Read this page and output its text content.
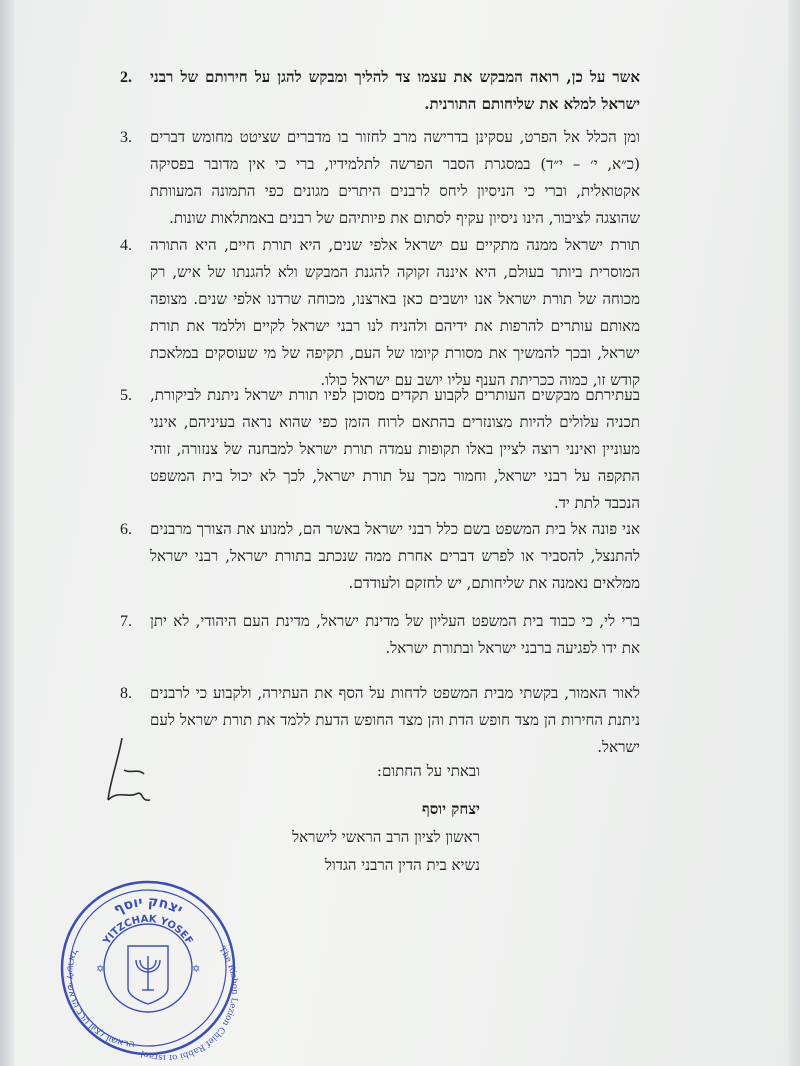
2. אשר על כן, רואה המבקש את עצמו צד להליך ומבקש להגן על חירותם של רבני ישראל למלא את שליחותם התורנית.
3. ומן הכלל אל הפרט, עסקינן בדרישה מרב לחזור בו מדברים שציטט מחומש דברים (כ״א, י׳ – י״ד) במסגרת הסבר הפרשה לתלמידיו, ברי כי אין מדובר בפסיקה אקטואלית, וברי כי הניסיון ליחס לרבנים היתרים מגונים כפי התמונה המעוותת שהוצגה לציבור, הינו ניסיון עקיף לסתום את פיותיהם של רבנים באמתלאות שונות.
4. תורת ישראל ממנה מתקיים עם ישראל אלפי שנים, היא תורת חיים, היא התורה המוסרית ביותר בעולם, היא איננה זקוקה להגנת המבקש ולא להגנתו של איש, רק מכוחה של תורת ישראל אנו יושבים כאן בארצנו, מכוחה שרדנו אלפי שנים. מצופה מאותם עותרים להרפות את ידיהם ולהניח לנו רבני ישראל לקיים וללמד את תורת ישראל, ובכך להמשיך את מסורת קיומו של העם, תקיפה של מי שעוסקים במלאכת קודש זו, כמוה ככריתת הענף עליו יושב עם ישראל כולו.
5. בעתירתם מבקשים העותרים לקבוע תקדים מסוכן לפיו תורת ישראל ניתנת לביקורת, תכניה עלולים להיות מצונזרים בהתאם לרוח הזמן כפי שהוא נראה בעיניהם, אינני מעוניין ואינני רוצה לציין באלו תקופות עמדה תורת ישראל למבחנה של צנזורה, זוהי התקפה על רבני ישראל, וחמור מכך על תורת ישראל, לכך לא יכול בית המשפט הנכבד לתת יד.
6. אני פונה אל בית המשפט בשם כלל רבני ישראל באשר הם, למנוע את הצורך מרבנים להתנצל, להסביר או לפרש דברים אחרת ממה שנכתב בתורת ישראל, רבני ישראל ממלאים נאמנה את שליחותם, יש לחזקם ולעודדם.
7. ברי לי, כי כבוד בית המשפט העליון של מדינת ישראל, מדינת העם היהודי, לא יתן את ידו לפגיעה ברבני ישראל ובתורת ישראל.
8. לאור האמור, בקשתי מבית המשפט לדחות על הסף את העתירה, ולקבוע כי לרבנים ניתנת החירות הן מצד חופש הדת והן מצד החופש הדעת ללמד את תורת ישראל לעם ישראל.
ובאתי על החתום:
יצחק יוסף
ראשון לציון הרב הראשי לישראל
נשיא בית הדין הרבני הגדול
יצחק יוסף
YITZCHAK YOSEF
The Rishon Lezion Chief Rabbi of Israel
הראשון לציון הרב הראשי לישראל
✡	✡
